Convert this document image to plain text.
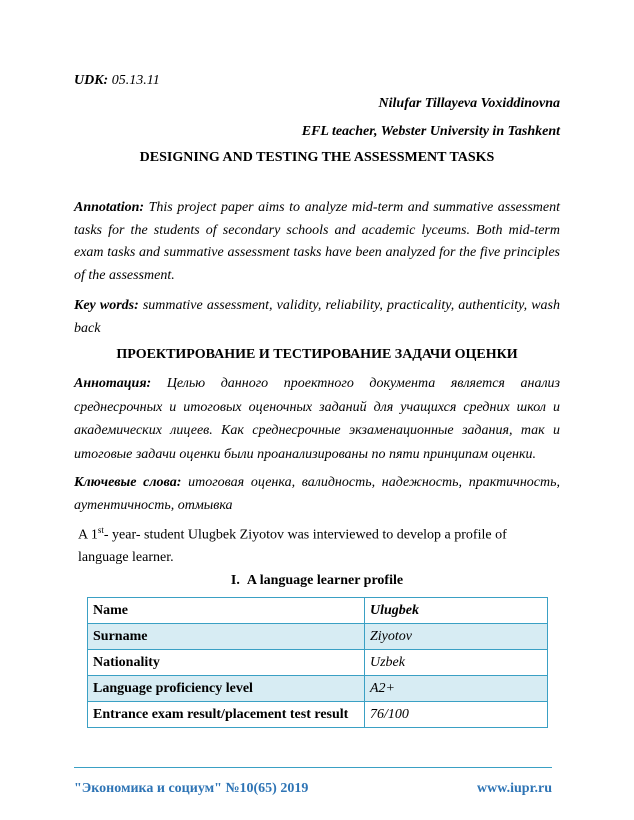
UDK: 05.13.11
Nilufar Tillayeva Voxiddinovna
EFL teacher, Webster University in Tashkent
DESIGNING AND TESTING THE ASSESSMENT TASKS
Annotation: This project paper aims to analyze mid-term and summative assessment tasks for the students of secondary schools and academic lyceums. Both mid-term exam tasks and summative assessment tasks have been analyzed for the five principles of the assessment.
Key words: summative assessment, validity, reliability, practicality, authenticity, wash back
ПРОЕКТИРОВАНИЕ И ТЕСТИРОВАНИЕ ЗАДАЧИ ОЦЕНКИ
Аннотация: Целью данного проектного документа является анализ среднесрочных и итоговых оценочных заданий для учащихся средних школ и академических лицеев. Как среднесрочные экзаменационные задания, так и итоговые задачи оценки были проанализированы по пяти принципам оценки.
Ключевые слова: итоговая оценка, валидность, надежность, практичность, аутентичность, отмывка
A 1st- year- student Ulugbek Ziyotov was interviewed to develop a profile of language learner.
I. A language learner profile
Name	Ulugbek
Surname	Ziyotov
Nationality	Uzbek
Language proficiency level	A2+
Entrance exam result/placement test result	76/100
"Экономика и социум" №10(65) 2019	www.iupr.ru
